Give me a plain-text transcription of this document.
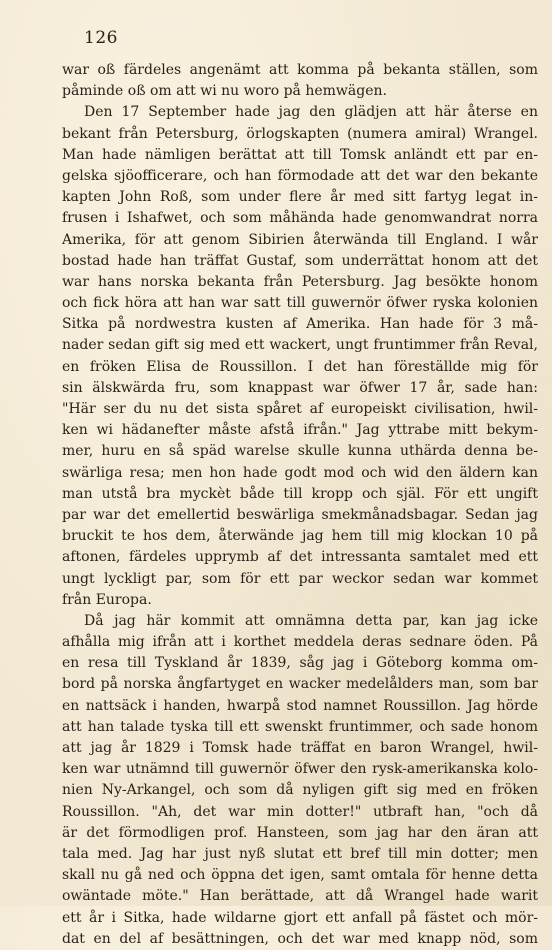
126
war oß färdeles angenämt att komma på bekanta ställen, som
påminde oß om att wi nu woro på hemwägen.
Den 17 September hade jag den glädjen att här återse en
bekant från Petersburg, örlogskapten (numera amiral) Wrangel.
Man hade nämligen berättat att till Tomsk anländt ett par en-
gelska sjöofficerare, och han förmodade att det war den bekante
kapten John Roß, som under flere år med sitt fartyg legat in-
frusen i Ishafwet, och som måhända hade genomwandrat norra
Amerika, för att genom Sibirien återwända till England. I wår
bostad hade han träffat Gustaf, som underrättat honom att det
war hans norska bekanta från Petersburg. Jag besökte honom
och fick höra att han war satt till guwernör öfwer ryska kolonien
Sitka på nordwestra kusten af Amerika. Han hade för 3 må-
nader sedan gift sig med ett wackert, ungt fruntimmer från Reval,
en fröken Elisa de Roussillon. I det han föreställde mig för
sin älskwärda fru, som knappast war öfwer 17 år, sade han:
"Här ser du nu det sista spåret af europeiskt civilisation, hwil-
ken wi hädanefter måste afstå ifrån." Jag yttrabe mitt bekym-
mer, huru en så späd warelse skulle kunna uthärda denna be-
swärliga resa; men hon hade godt mod och wid den äldern kan
man utstå bra myckèt både till kropp och själ. För ett ungift
par war det emellertid beswärliga smekmånadsbagar. Sedan jag
bruckit te hos dem, återwände jag hem till mig klockan 10 på
aftonen, färdeles upprymb af det intressanta samtalet med ett
ungt lyckligt par, som för ett par weckor sedan war kommet
från Europa.
Då jag här kommit att omnämna detta par, kan jag icke
afhålla mig ifrån att i korthet meddela deras sednare öden. På
en resa till Tyskland år 1839, såg jag i Göteborg komma om-
bord på norska ångfartyget en wacker medelålders man, som bar
en nattsäck i handen, hwarpå stod namnet Roussillon. Jag hörde
att han talade tyska till ett swenskt fruntimmer, och sade honom
att jag år 1829 i Tomsk hade träffat en baron Wrangel, hwil-
ken war utnämnd till guwernör öfwer den rysk-amerikanska kolo-
nien Ny-Arkangel, och som då nyligen gift sig med en fröken
Roussillon. "Ah, det war min dotter!" utbraft han, "och då
är det förmodligen prof. Hansteen, som jag har den äran att
tala med. Jag har just nyß slutat ett bref till min dotter; men
skall nu gå ned och öppna det igen, samt omtala för henne detta
owäntade möte." Han berättade, att då Wrangel hade warit
ett år i Sitka, hade wildarne gjort ett anfall på fästet och mör-
dat en del af besättningen, och det war med knapp nöd, som
